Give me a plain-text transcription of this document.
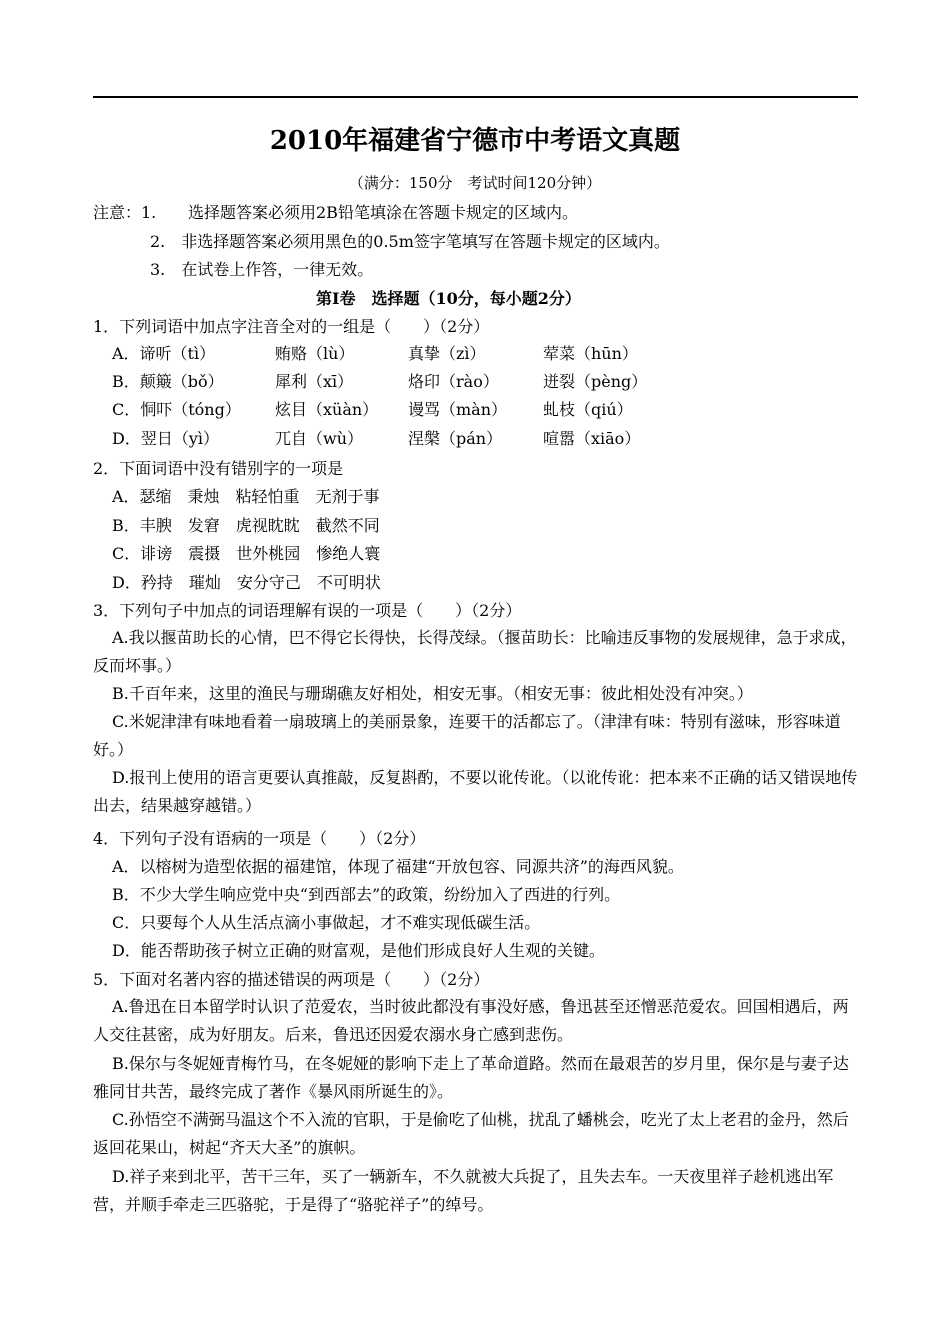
2010年福建省宁德市中考语文真题
（满分：150分　考试时间120分钟）
注意：1. 选择题答案必须用2B铅笔填涂在答题卡规定的区域内。
2.　非选择题答案必须用黑色的0.5m签字笔填写在答题卡规定的区域内。
3.　在试卷上作答，一律无效。
第Ⅰ卷　选择题（10分，每小题2分）
1．下列词语中加点字注音全对的一组是（　　）（2分）
A．谛听（tì）	贿赂（lù）	真挚（zì）	荤菜（hūn）
B．颠簸（bǒ）	犀利（xī）	烙印（rào）	迸裂（pèng）
C．恫吓（tóng） 炫目（xüàn） 谩骂（màn） 虬枝（qiú）
D．翌日（yì）	兀自（wù）	涅槃（pán）	喧嚣（xiāo）
2．下面词语中没有错别字的一项是
A．瑟缩　秉烛　粘轻怕重　无剂于事
B．丰腴　发窘　虎视眈眈　截然不同
C．诽谤　震摄　世外桃园　惨绝人寰
D．矜持　璀灿　安分守己　不可明状
3．下列句子中加点的词语理解有误的一项是（　　）（2分）
A.我以揠苗助长的心情，巴不得它长得快，长得茂绿。（揠苗助长：比喻违反事物的发展规律，急于求成，反而坏事。）
B.千百年来，这里的渔民与珊瑚礁友好相处，相安无事。（相安无事：彼此相处没有冲突。）
C.米妮津津有味地看着一扇玻璃上的美丽景象，连要干的活都忘了。（津津有味：特别有滋味，形容味道好。）
D.报刊上使用的语言更要认真推敲，反复斟酌，不要以讹传讹。（以讹传讹：把本来不正确的话又错误地传出去，结果越穿越错。）
4．下列句子没有语病的一项是（　　）（2分）
A．以榕树为造型依据的福建馆，体现了福建“开放包容、同源共济”的海西风貌。
B．不少大学生响应党中央“到西部去”的政策，纷纷加入了西进的行列。
C．只要每个人从生活点滴小事做起，才不难实现低碳生活。
D．能否帮助孩子树立正确的财富观，是他们形成良好人生观的关键。
5．下面对名著内容的描述错误的两项是（　　）（2分）
A.鲁迅在日本留学时认识了范爱农，当时彼此都没有事没好感，鲁迅甚至还憎恶范爱农。回国相遇后，两人交往甚密，成为好朋友。后来，鲁迅还因爱农溺水身亡感到悲伤。
B.保尔与冬妮娅青梅竹马，在冬妮娅的影响下走上了革命道路。然而在最艰苦的岁月里，保尔是与妻子达雅同甘共苦，最终完成了著作《暴风雨所诞生的》。
C.孙悟空不满弼马温这个不入流的官职，于是偷吃了仙桃，扰乱了蟠桃会，吃光了太上老君的金丹，然后返回花果山，树起“齐天大圣”的旗帜。
D.祥子来到北平，苦干三年，买了一辆新车，不久就被大兵捉了，且失去车。一天夜里祥子趁机逃出军营，并顺手牵走三匹骆驼，于是得了“骆驼祥子”的绰号。
